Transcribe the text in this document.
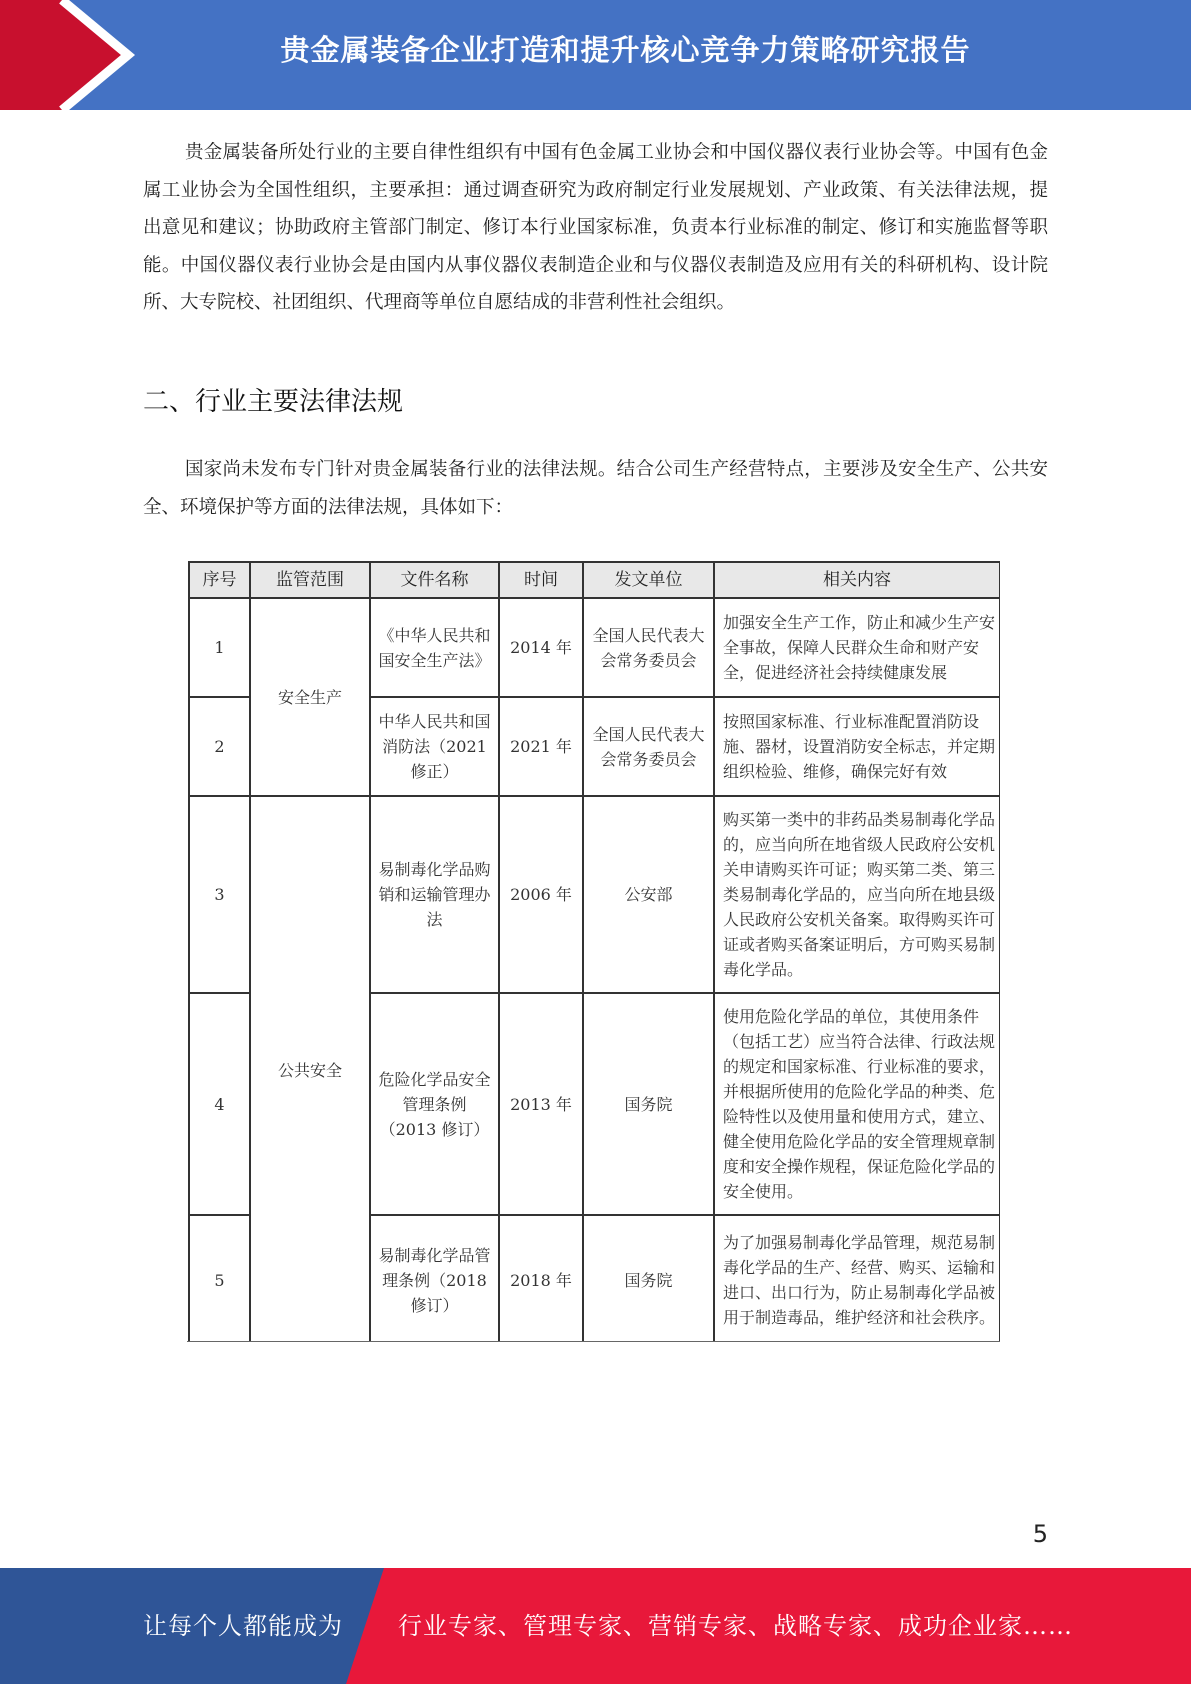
贵金属装备企业打造和提升核心竞争力策略研究报告

贵金属装备所处行业的主要自律性组织有中国有色金属工业协会和中国仪器仪表行业协会等。中国有色金属工业协会为全国性组织，主要承担：通过调查研究为政府制定行业发展规划、产业政策、有关法律法规，提出意见和建议；协助政府主管部门制定、修订本行业国家标准，负责本行业标准的制定、修订和实施监督等职能。中国仪器仪表行业协会是由国内从事仪器仪表制造企业和与仪器仪表制造及应用有关的科研机构、设计院所、大专院校、社团组织、代理商等单位自愿结成的非营利性社会组织。

二、行业主要法律法规

国家尚未发布专门针对贵金属装备行业的法律法规。结合公司生产经营特点，主要涉及安全生产、公共安全、环境保护等方面的法律法规，具体如下：

序号	监管范围	文件名称	时间	发文单位	相关内容
1	安全生产	《中华人民共和国安全生产法》	2014 年	全国人民代表大会常务委员会	加强安全生产工作，防止和减少生产安全事故，保障人民群众生命和财产安全，促进经济社会持续健康发展
2		中华人民共和国消防法（2021 修正）	2021 年	全国人民代表大会常务委员会	按照国家标准、行业标准配置消防设施、器材，设置消防安全标志，并定期组织检验、维修，确保完好有效
3	公共安全	易制毒化学品购销和运输管理办法	2006 年	公安部	购买第一类中的非药品类易制毒化学品的，应当向所在地省级人民政府公安机关申请购买许可证；购买第二类、第三类易制毒化学品的，应当向所在地县级人民政府公安机关备案。取得购买许可证或者购买备案证明后，方可购买易制毒化学品。
4		危险化学品安全管理条例（2013 修订）	2013 年	国务院	使用危险化学品的单位，其使用条件（包括工艺）应当符合法律、行政法规的规定和国家标准、行业标准的要求，并根据所使用的危险化学品的种类、危险特性以及使用量和使用方式，建立、健全使用危险化学品的安全管理规章制度和安全操作规程，保证危险化学品的安全使用。
5		易制毒化学品管理条例（2018 修订）	2018 年	国务院	为了加强易制毒化学品管理，规范易制毒化学品的生产、经营、购买、运输和进口、出口行为，防止易制毒化学品被用于制造毒品，维护经济和社会秩序。
5
让每个人都能成为 行业专家、管理专家、营销专家、战略专家、成功企业家……
